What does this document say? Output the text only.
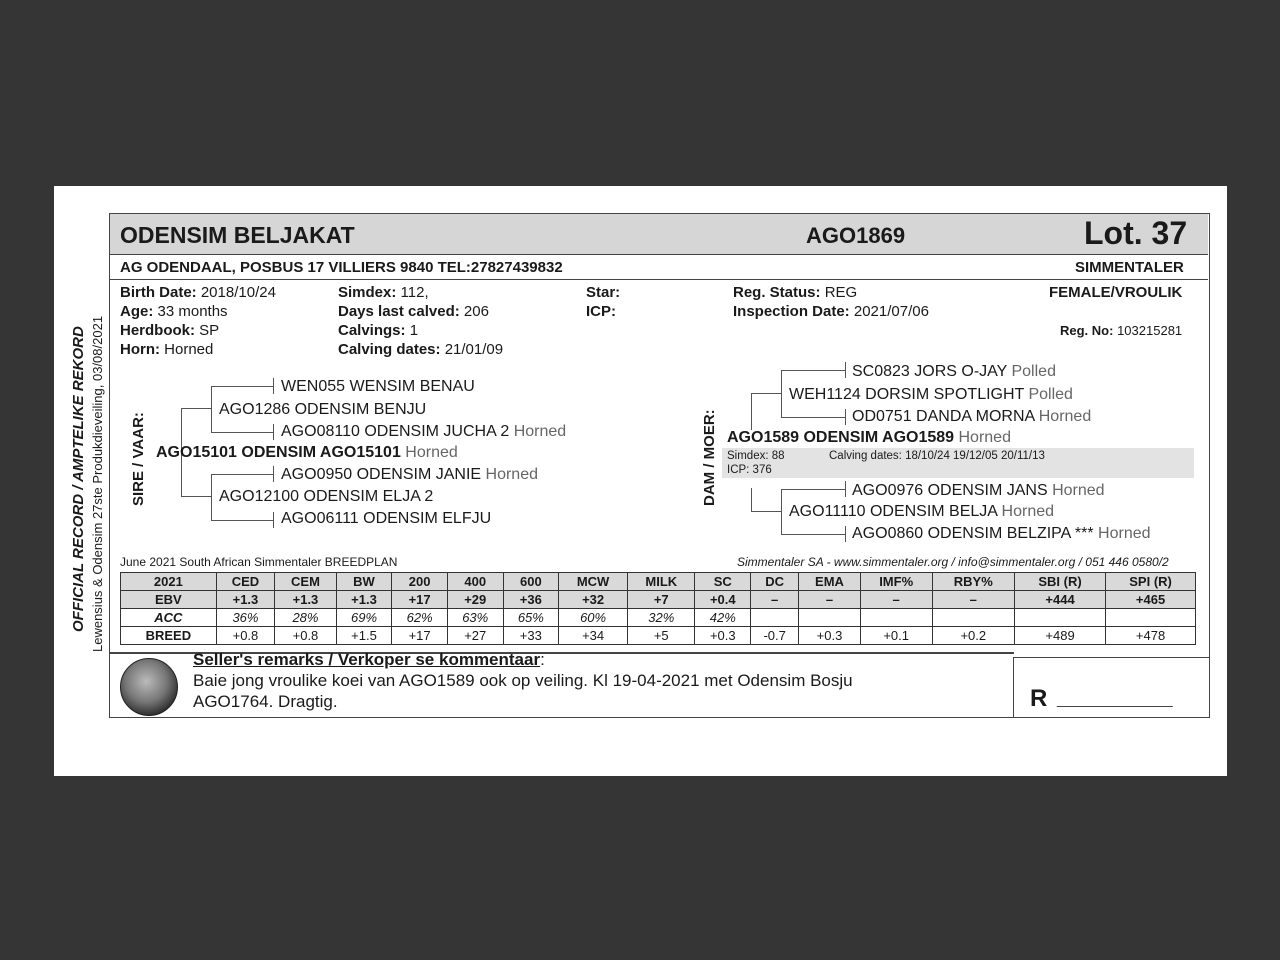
OFFICIAL RECORD / AMPTELIKE REKORD Lewensius & Odensim 27ste Produkdieveiling, 03/08/2021
ODENSIM BELJAKAT	AGO1869	Lot. 37
AG ODENDAAL, POSBUS 17 VILLIERS 9840 TEL:27827439832	SIMMENTALER
Birth Date: 2018/10/24
Age: 33 months
Herdbook: SP
Horn: Horned
Simdex: 112,
Days last calved: 206
Calvings: 1
Calving dates: 21/01/09
Star:
ICP:
Reg. Status: REG
Inspection Date: 2021/07/06
FEMALE/VROULIK
Reg. No: 103215281
SIRE / VAAR:
WEN055 WENSIM BENAU
AGO1286 ODENSIM BENJU
AGO08110 ODENSIM JUCHA 2 Horned
AGO15101 ODENSIM AGO15101 Horned
AGO0950 ODENSIM JANIE Horned
AGO12100 ODENSIM ELJA 2
AGO06111 ODENSIM ELFJU
DAM / MOER:
SC0823 JORS O-JAY Polled
WEH1124 DORSIM SPOTLIGHT Polled
OD0751 DANDA MORNA Horned
AGO1589 ODENSIM AGO1589 Horned
Simdex: 88	Calving dates: 18/10/24 19/12/05 20/11/13
ICP: 376
AGO0976 ODENSIM JANS Horned
AGO11110 ODENSIM BELJA Horned
AGO0860 ODENSIM BELZIPA *** Horned
June 2021 South African Simmentaler BREEDPLAN	Simmentaler SA - www.simmentaler.org / info@simmentaler.org / 051 446 0580/2
2021	CED	CEM	BW	200	400	600	MCW	MILK	SC	DC	EMA	IMF%	RBY%	SBI (R)	SPI (R)
EBV	+1.3	+1.3	+1.3	+17	+29	+36	+32	+7	+0.4	–	–	–	–	+444	+465
ACC	36%	28%	69%	62%	63%	65%	60%	32%	42%						
BREED	+0.8	+0.8	+1.5	+17	+27	+33	+34	+5	+0.3	-0.7	+0.3	+0.1	+0.2	+489	+478
Seller's remarks / Verkoper se kommentaar:
Baie jong vroulike koei van AGO1589 ook op veiling. Kl 19-04-2021 met Odensim Bosju
AGO1764. Dragtig.	R _____________
